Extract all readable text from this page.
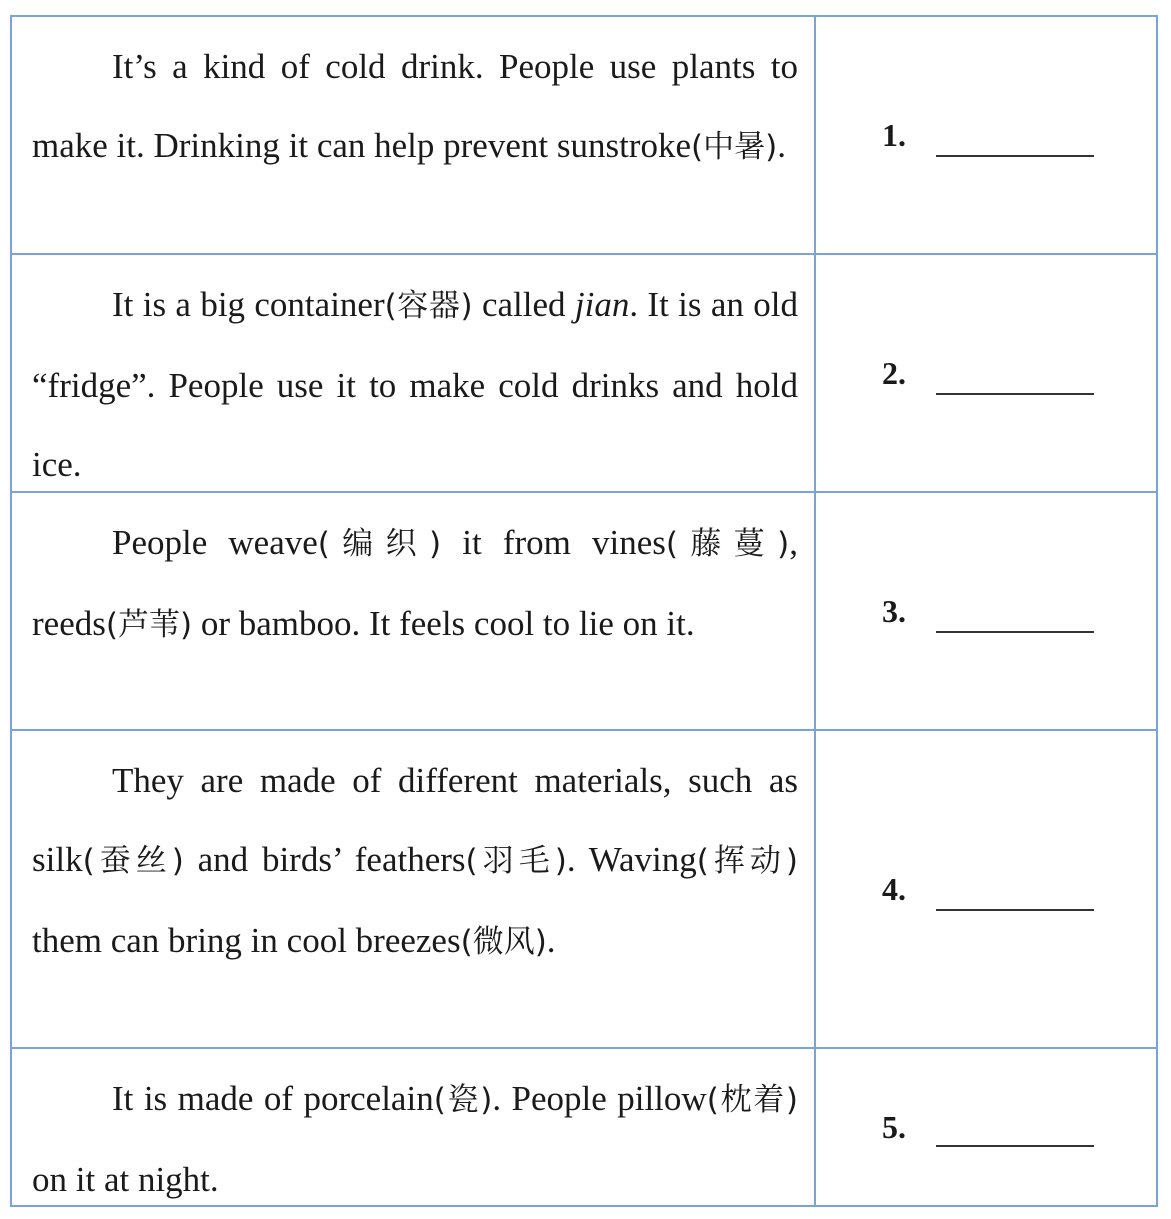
It’s a kind of cold drink. People use plants to make it. Drinking it can help prevent sunstroke(中暑).	1.

It is a big container(容器) called jian. It is an old “fridge”. People use it to make cold drinks and hold ice.

2.

People weave(编织) it from vines(藤蔓), reeds(芦苇) or bamboo. It feels cool to lie on it.	3.

They are made of different materials, such as silk(蚕丝) and birds’ feathers(羽毛). Waving(挥动) them can bring in cool breezes(微风).

4.

It is made of porcelain(瓷). People pillow(枕着) on it at night.

5.
